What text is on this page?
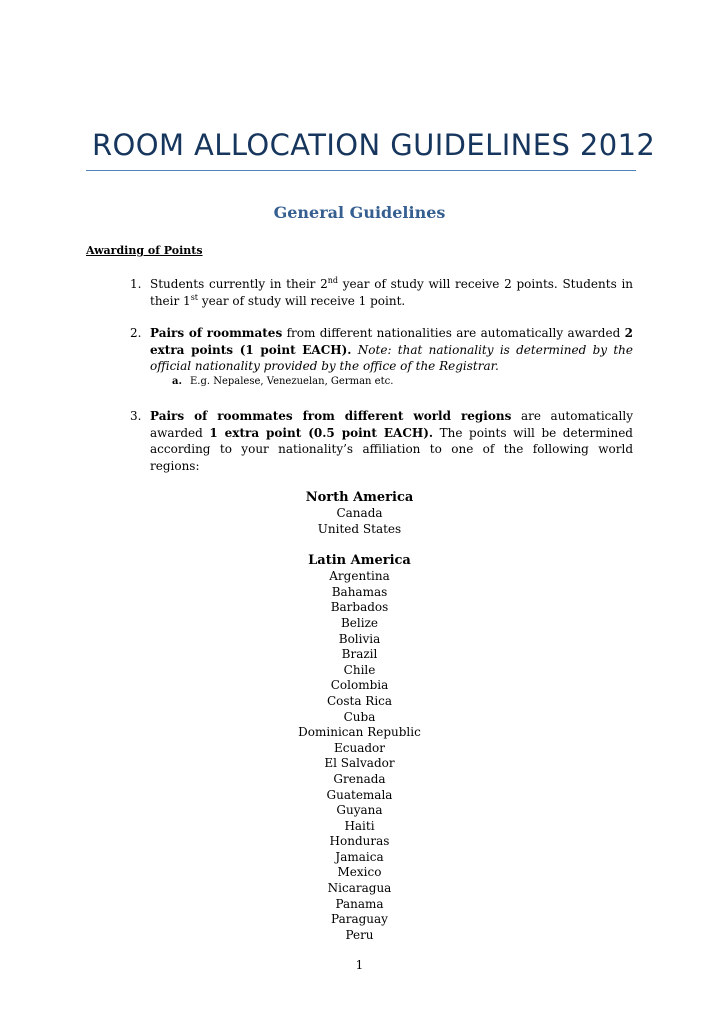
ROOM ALLOCATION GUIDELINES 2012
General Guidelines
Awarding of Points
1. Students currently in their 2nd year of study will receive 2 points. Students in
their 1st year of study will receive 1 point.
2. Pairs of roommates from different nationalities are automatically awarded 2
extra points (1 point EACH). Note: that nationality is determined by the
official nationality provided by the office of the Registrar.
a. E.g. Nepalese, Venezuelan, German etc.
3. Pairs of roommates from different world regions are automatically
awarded 1 extra point (0.5 point EACH). The points will be determined
according to your nationality’s affiliation to one of the following world
regions:
North America
Canada
United States
Latin America
Argentina
Bahamas
Barbados
Belize
Bolivia
Brazil
Chile
Colombia
Costa Rica
Cuba
Dominican Republic
Ecuador
El Salvador
Grenada
Guatemala
Guyana
Haiti
Honduras
Jamaica
Mexico
Nicaragua
Panama
Paraguay
Peru
1
